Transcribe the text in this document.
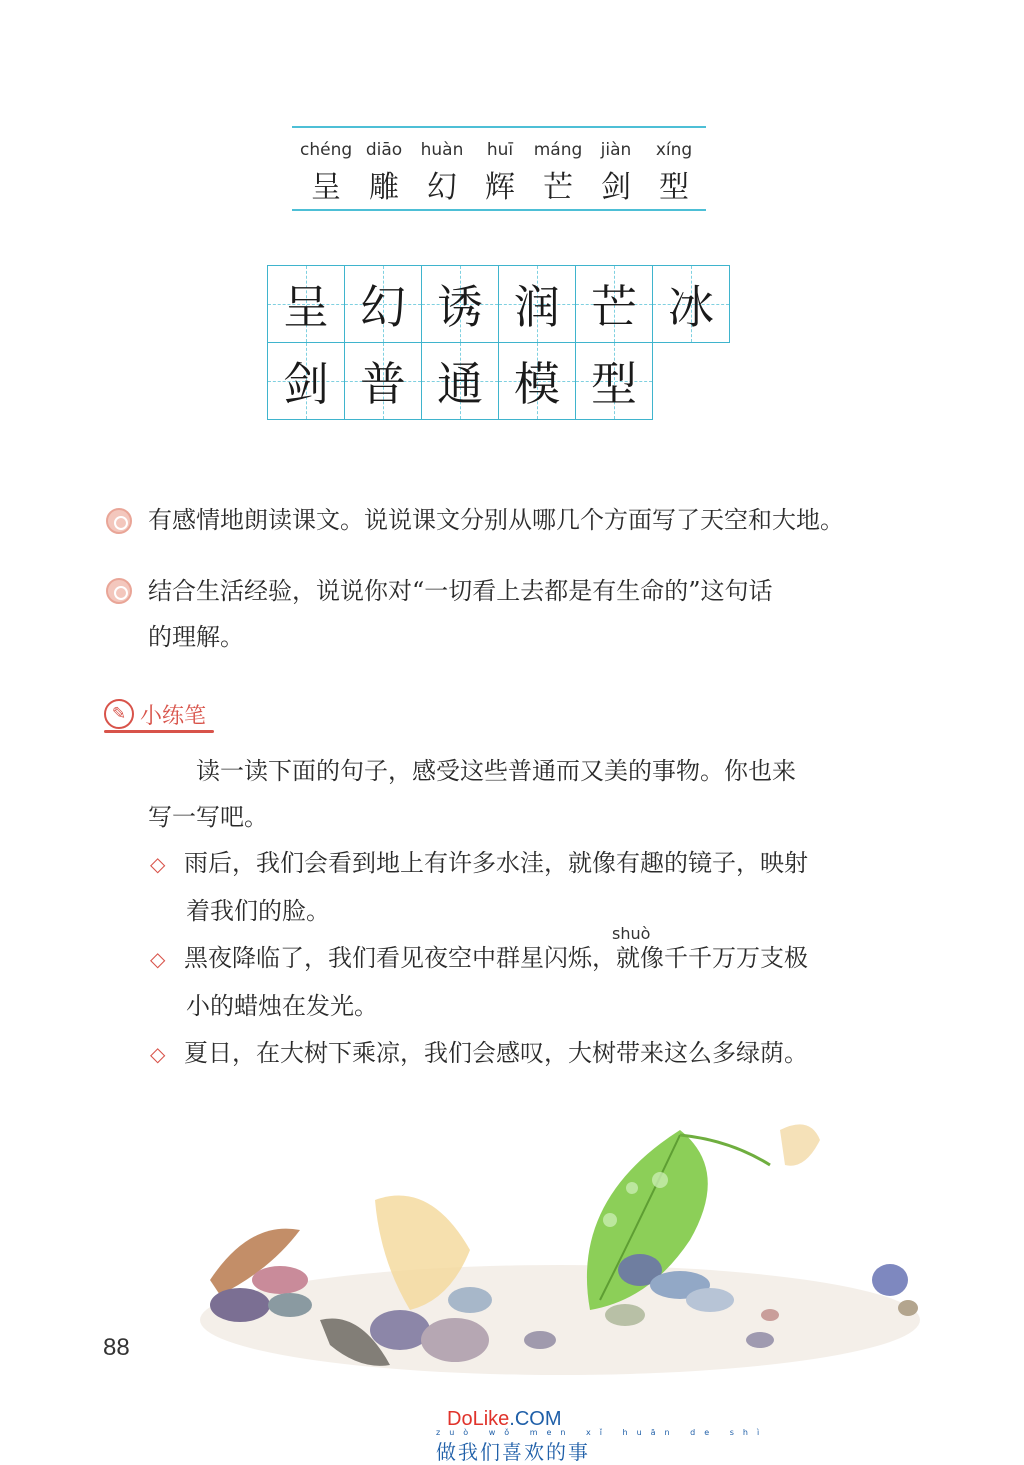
chéng
呈
diāo
雕
huàn
幻
huī
辉
máng
芒
jiàn
剑
xíng
型
呈 幻 诱 润 芒 冰
剑 普 通 模 型
有感情地朗读课文。说说课文分别从哪几个方面写了天空和大地。
结合生活经验，说说你对“一切看上去都是有生命的”这句话
的理解。
✎ 小练笔
读一读下面的句子，感受这些普通而又美的事物。你也来
写一写吧。
◇ 雨后，我们会看到地上有许多水洼，就像有趣的镜子，映射
着我们的脸。
shuò
◇ 黑夜降临了，我们看见夜空中群星闪烁，就像千千万万支极
小的蜡烛在发光。
◇ 夏日，在大树下乘凉，我们会感叹，大树带来这么多绿荫。
88
DoLike.COM
zuò wǒ men xǐ huān de shì
做我们喜欢的事
